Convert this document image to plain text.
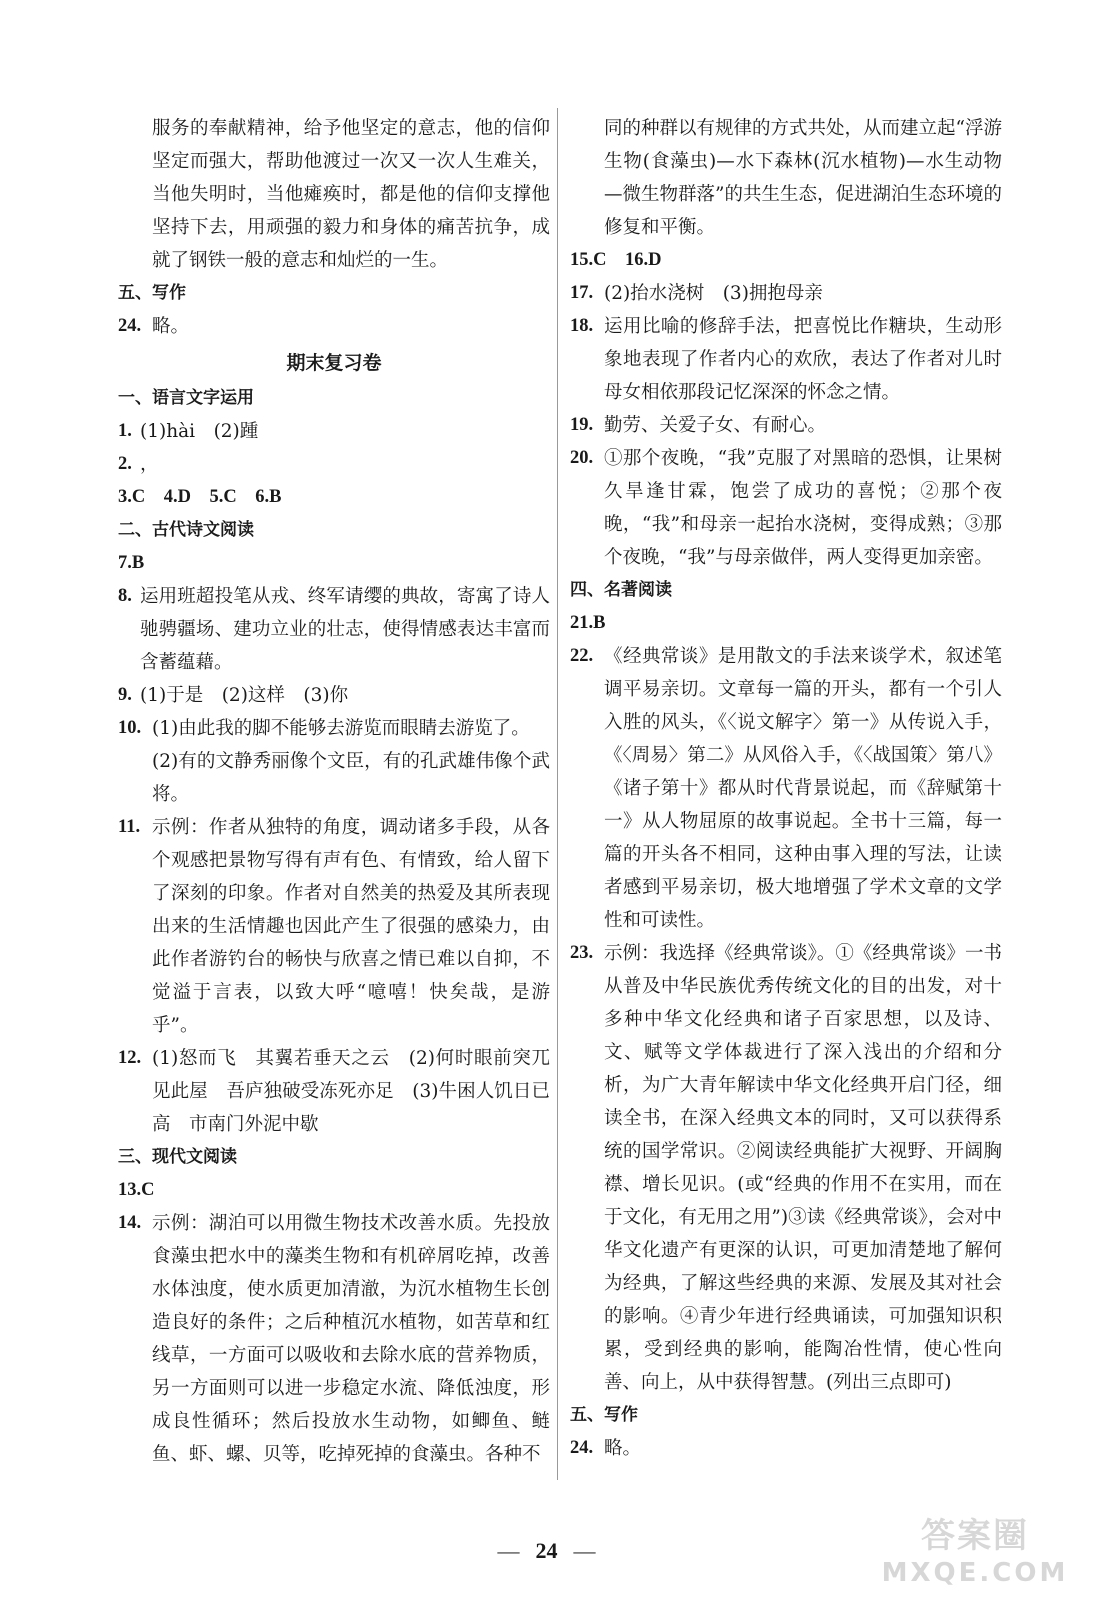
服务的奉献精神，给予他坚定的意志，他的信仰坚定而强大，帮助他渡过一次又一次人生难关，当他失明时，当他瘫痪时，都是他的信仰支撑他坚持下去，用顽强的毅力和身体的痛苦抗争，成就了钢铁一般的意志和灿烂的一生。

五、写作

24. 略。

期末复习卷

一、语言文字运用

1. (1)hài　(2)踵
2. ，

3.C　4.D　5.C　6.B

二、古代诗文阅读

7.B

8. 运用班超投笔从戎、终军请缨的典故，寄寓了诗人驰骋疆场、建功立业的壮志，使得情感表达丰富而含蓄蕴藉。
9. (1)于是　(2)这样　(3)你
10. (1)由此我的脚不能够去游览而眼睛去游览了。
(2)有的文静秀丽像个文臣，有的孔武雄伟像个武将。
11. 示例：作者从独特的角度，调动诸多手段，从各个观感把景物写得有声有色、有情致，给人留下了深刻的印象。作者对自然美的热爱及其所表现出来的生活情趣也因此产生了很强的感染力，由此作者游钓台的畅快与欣喜之情已难以自抑，不觉溢于言表，以致大呼“噫嘻！快矣哉，是游乎”。
12. (1)怒而飞　其翼若垂天之云　(2)何时眼前突兀见此屋　吾庐独破受冻死亦足　(3)牛困人饥日已高　市南门外泥中歇

三、现代文阅读

13.C

14. 示例：湖泊可以用微生物技术改善水质。先投放食藻虫把水中的藻类生物和有机碎屑吃掉，改善水体浊度，使水质更加清澈，为沉水植物生长创造良好的条件；之后种植沉水植物，如苦草和红线草，一方面可以吸收和去除水底的营养物质，另一方面则可以进一步稳定水流、降低浊度，形成良性循环；然后投放水生动物，如鲫鱼、鲢鱼、虾、螺、贝等，吃掉死掉的食藻虫。各种不

同的种群以有规律的方式共处，从而建立起“浮游生物(食藻虫)—水下森林(沉水植物)—水生动物—微生物群落”的共生生态，促进湖泊生态环境的修复和平衡。

15.C　16.D

17. (2)抬水浇树　(3)拥抱母亲
18. 运用比喻的修辞手法，把喜悦比作糖块，生动形象地表现了作者内心的欢欣，表达了作者对儿时母女相依那段记忆深深的怀念之情。
19. 勤劳、关爱子女、有耐心。
20. ①那个夜晚，“我”克服了对黑暗的恐惧，让果树久旱逢甘霖，饱尝了成功的喜悦；②那个夜晚，“我”和母亲一起抬水浇树，变得成熟；③那个夜晚，“我”与母亲做伴，两人变得更加亲密。

四、名著阅读

21.B

22. 《经典常谈》是用散文的手法来谈学术，叙述笔调平易亲切。文章每一篇的开头，都有一个引人入胜的风头，《〈说文解字〉第一》从传说入手，《〈周易〉第二》从风俗入手，《〈战国策〉第八》《诸子第十》都从时代背景说起，而《辞赋第十一》从人物屈原的故事说起。全书十三篇，每一篇的开头各不相同，这种由事入理的写法，让读者感到平易亲切，极大地增强了学术文章的文学性和可读性。
23. 示例：我选择《经典常谈》。①《经典常谈》一书从普及中华民族优秀传统文化的目的出发，对十多种中华文化经典和诸子百家思想，以及诗、文、赋等文学体裁进行了深入浅出的介绍和分析，为广大青年解读中华文化经典开启门径，细读全书，在深入经典文本的同时，又可以获得系统的国学常识。②阅读经典能扩大视野、开阔胸襟、增长见识。(或“经典的作用不在实用，而在于文化，有无用之用”)③读《经典常谈》，会对中华文化遗产有更深的认识，可更加清楚地了解何为经典，了解这些经典的来源、发展及其对社会的影响。④青少年进行经典诵读，可加强知识积累，受到经典的影响，能陶冶性情，使心性向善、向上，从中获得智慧。(列出三点即可)

五、写作

24. 略。
— 24 —	答案圈
MXQE.COM
